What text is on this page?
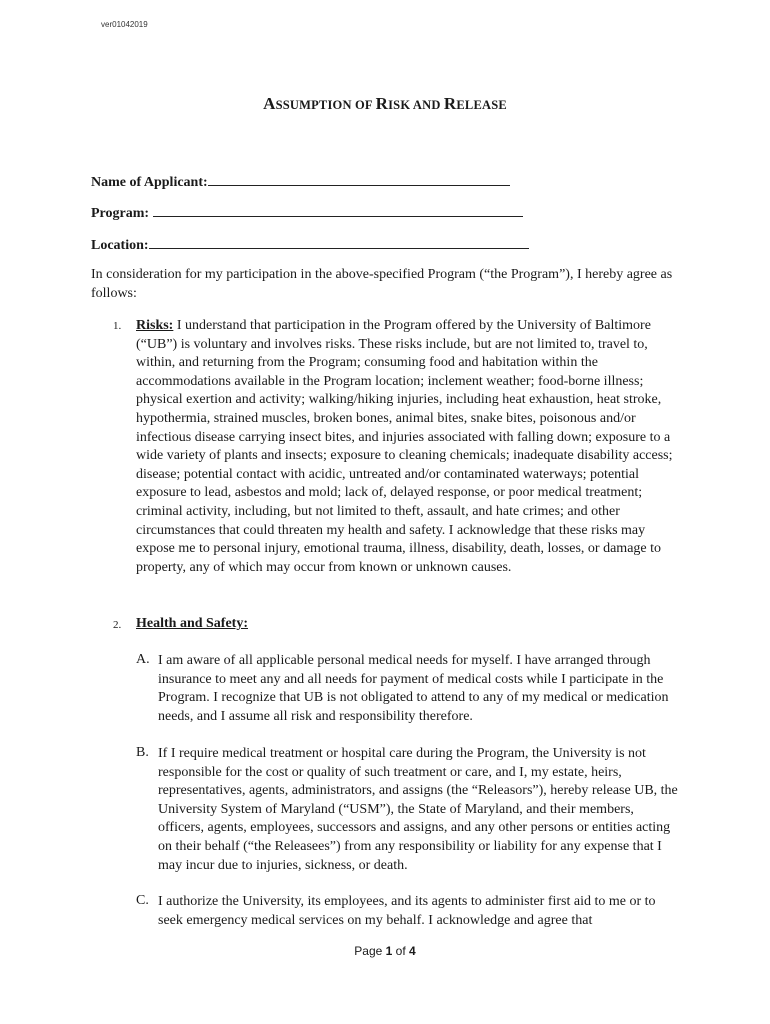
ver01042019
ASSUMPTION OF RISK AND RELEASE
Name of Applicant:
Program:
Location:
In consideration for my participation in the above-specified Program (“the Program”), I hereby agree as follows:
1. Risks: I understand that participation in the Program offered by the University of Baltimore (“UB”) is voluntary and involves risks. These risks include, but are not limited to, travel to, within, and returning from the Program; consuming food and habitation within the accommodations available in the Program location; inclement weather; food-borne illness; physical exertion and activity; walking/hiking injuries, including heat exhaustion, heat stroke, hypothermia, strained muscles, broken bones, animal bites, snake bites, poisonous and/or infectious disease carrying insect bites, and injuries associated with falling down; exposure to a wide variety of plants and insects; exposure to cleaning chemicals; inadequate disability access; disease; potential contact with acidic, untreated and/or contaminated waterways; potential exposure to lead, asbestos and mold; lack of, delayed response, or poor medical treatment; criminal activity, including, but not limited to theft, assault, and hate crimes; and other circumstances that could threaten my health and safety. I acknowledge that these risks may expose me to personal injury, emotional trauma, illness, disability, death, losses, or damage to property, any of which may occur from known or unknown causes.
2. Health and Safety:
A. I am aware of all applicable personal medical needs for myself. I have arranged through insurance to meet any and all needs for payment of medical costs while I participate in the Program. I recognize that UB is not obligated to attend to any of my medical or medication needs, and I assume all risk and responsibility therefore.
B. If I require medical treatment or hospital care during the Program, the University is not responsible for the cost or quality of such treatment or care, and I, my estate, heirs, representatives, agents, administrators, and assigns (the “Releasors”), hereby release UB, the University System of Maryland (“USM”), the State of Maryland, and their members, officers, agents, employees, successors and assigns, and any other persons or entities acting on their behalf (“the Releasees”) from any responsibility or liability for any expense that I may incur due to injuries, sickness, or death.
C. I authorize the University, its employees, and its agents to administer first aid to me or to seek emergency medical services on my behalf. I acknowledge and agree that
Page 1 of 4
